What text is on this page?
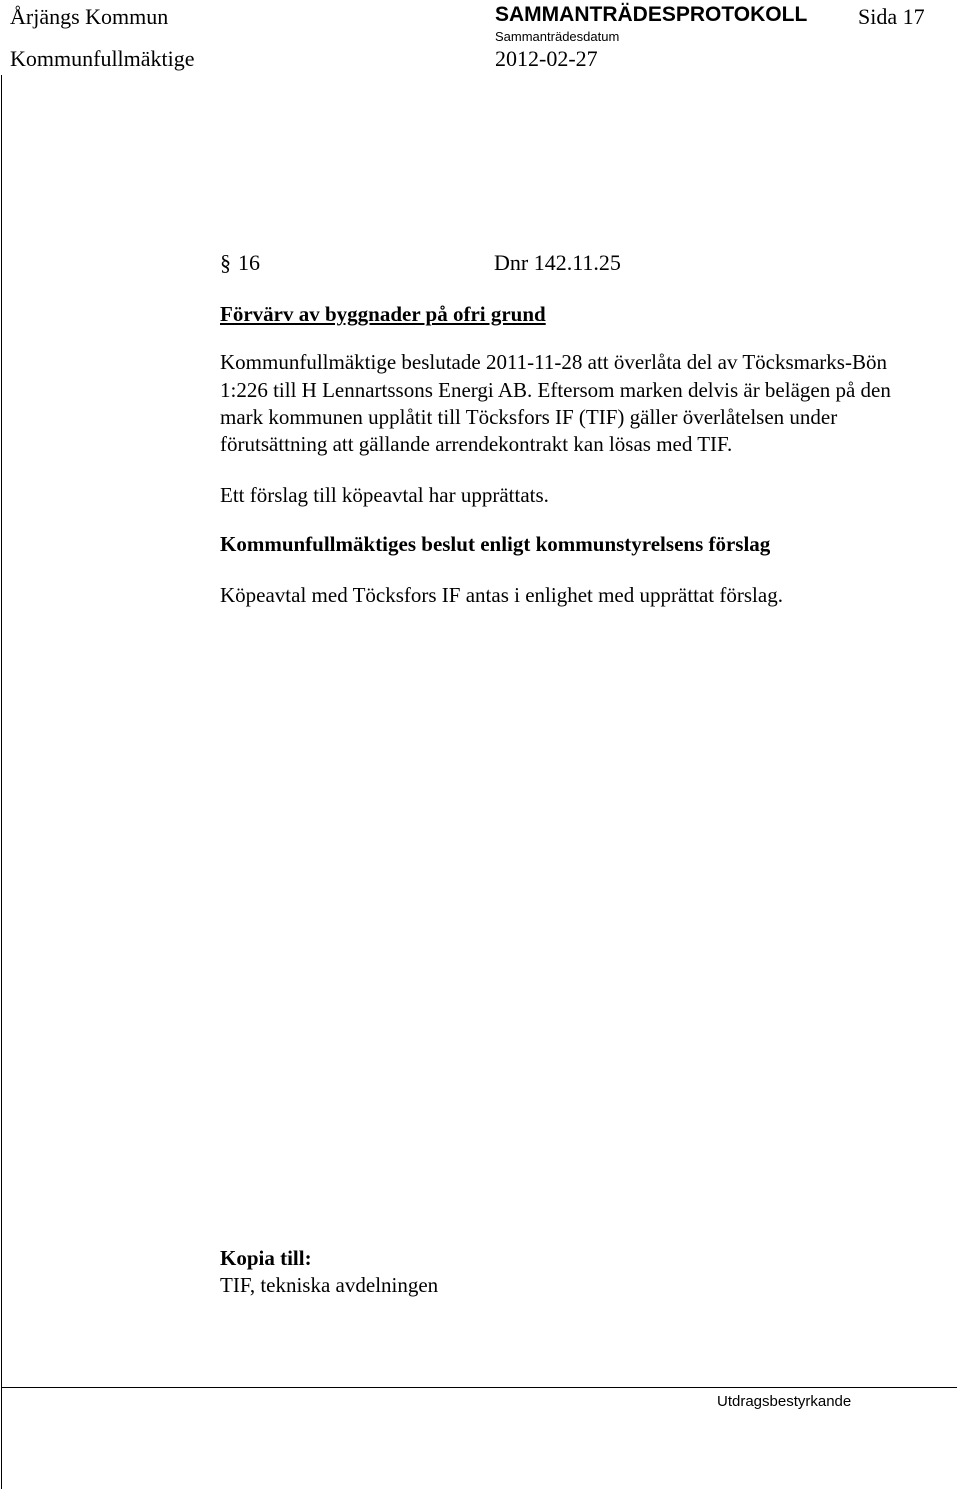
Årjängs Kommun	SAMMANTRÄDESPROTOKOLL Sida 17
Kommunfullmäktige
Sammanträdesdatum
2012-02-27
§ 16	Dnr 142.11.25
Förvärv av byggnader på ofri grund
Kommunfullmäktige beslutade 2011-11-28 att överlåta del av Töcksmarks-Bön
1:226 till H Lennartssons Energi AB. Eftersom marken delvis är belägen på den
mark kommunen upplåtit till Töcksfors IF (TIF) gäller överlåtelsen under
förutsättning att gällande arrendekontrakt kan lösas med TIF.
Ett förslag till köpeavtal har upprättats.
Kommunfullmäktiges beslut enligt kommunstyrelsens förslag
Köpeavtal med Töcksfors IF antas i enlighet med upprättat förslag.
Kopia till:
TIF, tekniska avdelningen
Utdragsbestyrkande
